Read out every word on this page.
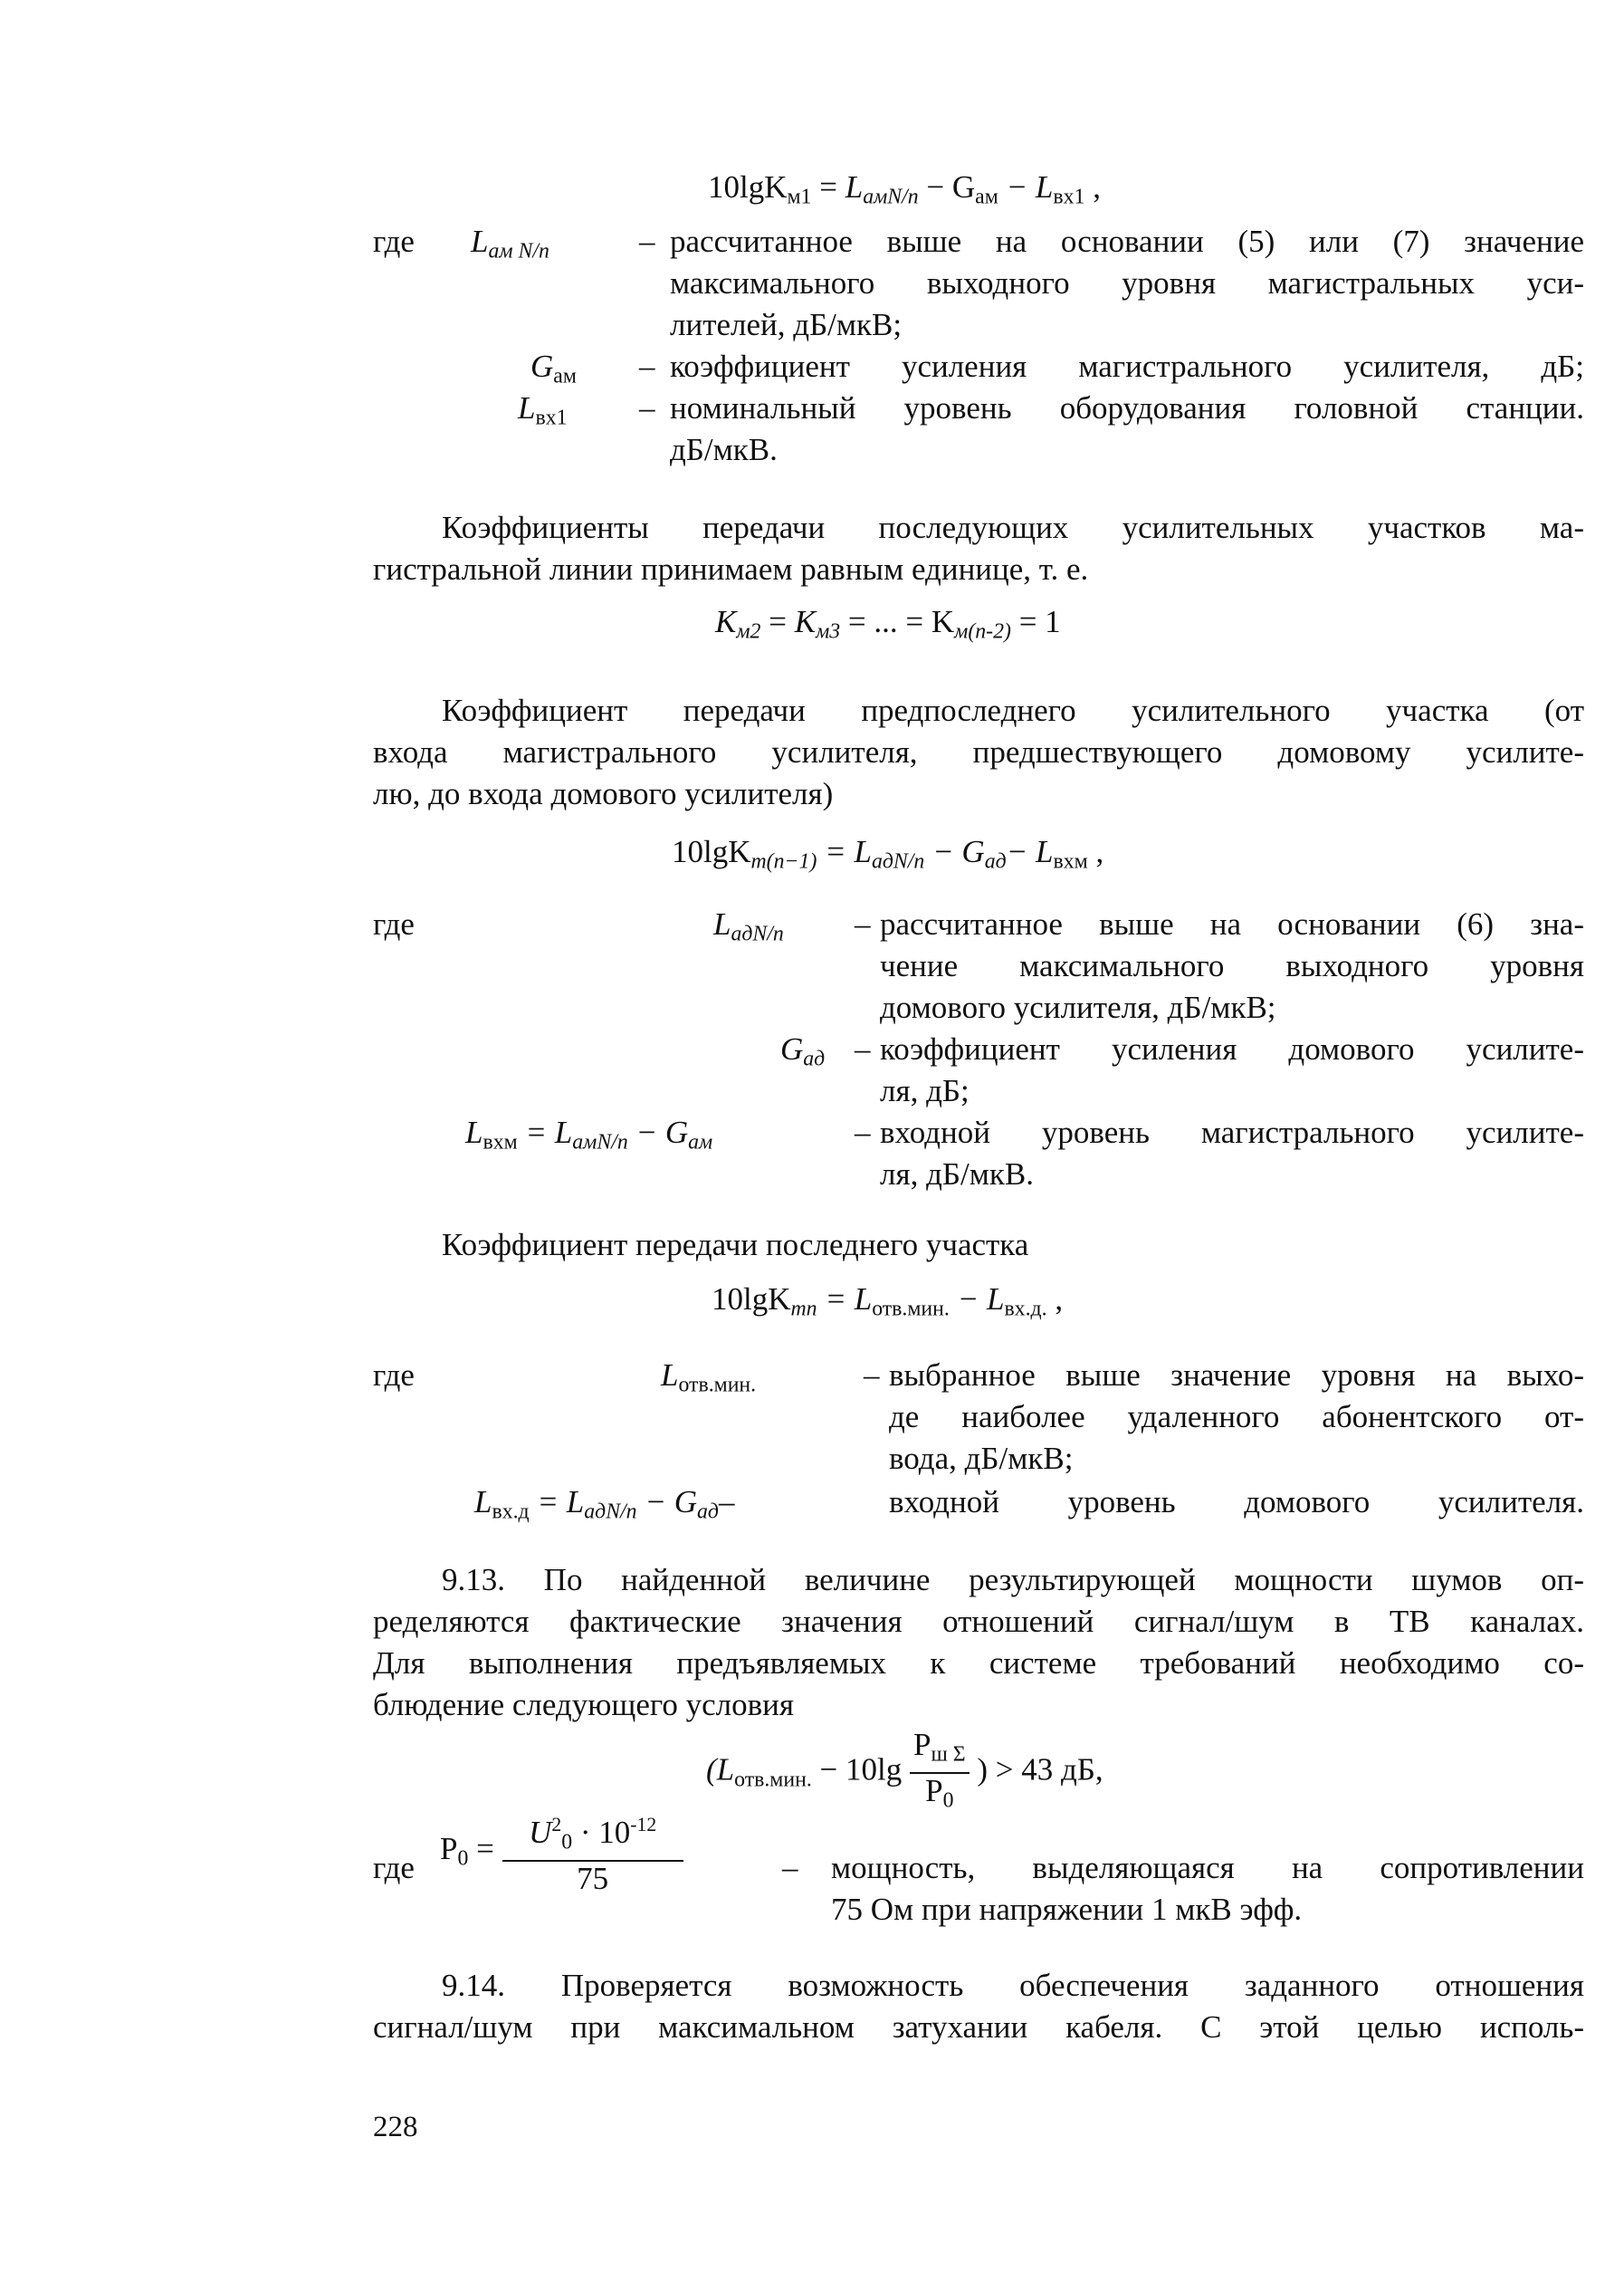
$10\lg K_{м1} = L_{амN/n} - G_{ам} - L_{вх1}$ ,
где $L_{ам N/n}$	– рассчитанное выше на основании (5) или (7) значение
максимального выходного уровня магистральных уси-
лителей, дБ/мкВ;
$G_{ам}$ – коэффициент усиления магистрального усилителя, дБ;
$L_{вх1}$ – номинальный уровень оборудования головной станции.
дБ/мкВ.
Коэффициенты передачи последующих усилительных участков ма-
гистральной линии принимаем равным единице, т. е.
$K_{м2} = K_{м3}$ = ... = $K_{м(n-2)} = 1$
Коэффициент передачи предпоследнего усилительного участка (от
входа магистрального усилителя, предшествующего домовому усилите-
лю, до входа домового усилителя)
$10\lg K_{m(n-1)} = L_{aдN/n} - G_{aд}- L_{вхм}$ ,
где	$L_{aдN/n}$ – рассчитанное выше на основании (6) зна-
чение максимального выходного уровня
домового усилителя, дБ/мкВ;
$G_{aд}$ – коэффициент усиления домового усилите-
ля, дБ;
$L_{вхм} = L_{aмN/n} - G_{aм}$	– входной уровень магистрального усилите-
ля, дБ/мкВ.
Коэффициент передачи последнего участка
$10\lg K_{mn} = L_{отв.мин.} - L_{вх.д.}$ ,
где	$L_{отв.мин.}$	– выбранное выше значение уровня на выхо-
де наиболее удаленного абонентского от-
вода, дБ/мкВ;
$L_{вх.д} = L_{aдN/n} - G_{aд}-$	входной уровень домового усилителя.
9.13. По найденной величине результирующей мощности шумов оп-
ределяются фактические значения отношений сигнал/шум в ТВ каналах.
Для выполнения предъявляемых к системе требований необходимо со-
блюдение следующего условия
($L_{отв.мин.} - 10\lg \frac{P_{ш \Sigma}}{P_0}$ ) > 43 дБ,
где
$P_0 = \frac{U^2_0 \cdot 10^{-12}}{75}$	– мощность, выделяющаяся на сопротивлении
75 Ом при напряжении 1 мкВ эфф.
9.14. Проверяется возможность обеспечения заданного отношения
сигнал/шум при максимальном затухании кабеля. С этой целью исполь-
228
